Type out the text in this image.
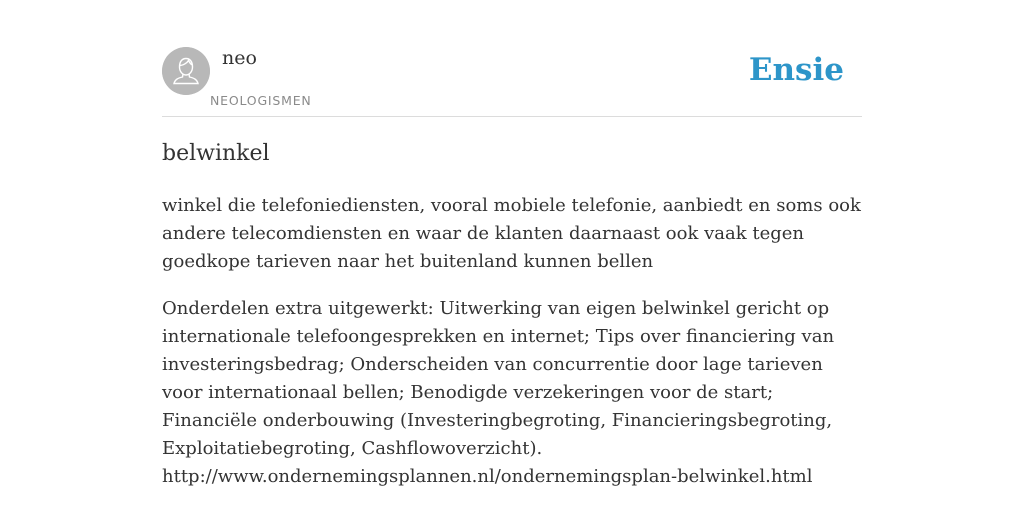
neo
NEOLOGISMEN
Ensie
belwinkel

winkel die telefoniediensten, vooral mobiele telefonie, aanbiedt en soms ook andere telecomdiensten en waar de klanten daarnaast ook vaak tegen goedkope tarieven naar het buitenland kunnen bellen

Onderdelen extra uitgewerkt: Uitwerking van eigen belwinkel gericht op internationale telefoongesprekken en internet; Tips over financiering van investeringsbedrag; Onderscheiden van concurrentie door lage tarieven voor internationaal bellen; Benodigde verzekeringen voor de start; Financiële onderbouwing (Investeringbegroting, Financieringsbegroting, Exploitatiebegroting, Cashflowoverzicht). http://www.ondernemingsplannen.nl/ondernemingsplan-belwinkel.html
